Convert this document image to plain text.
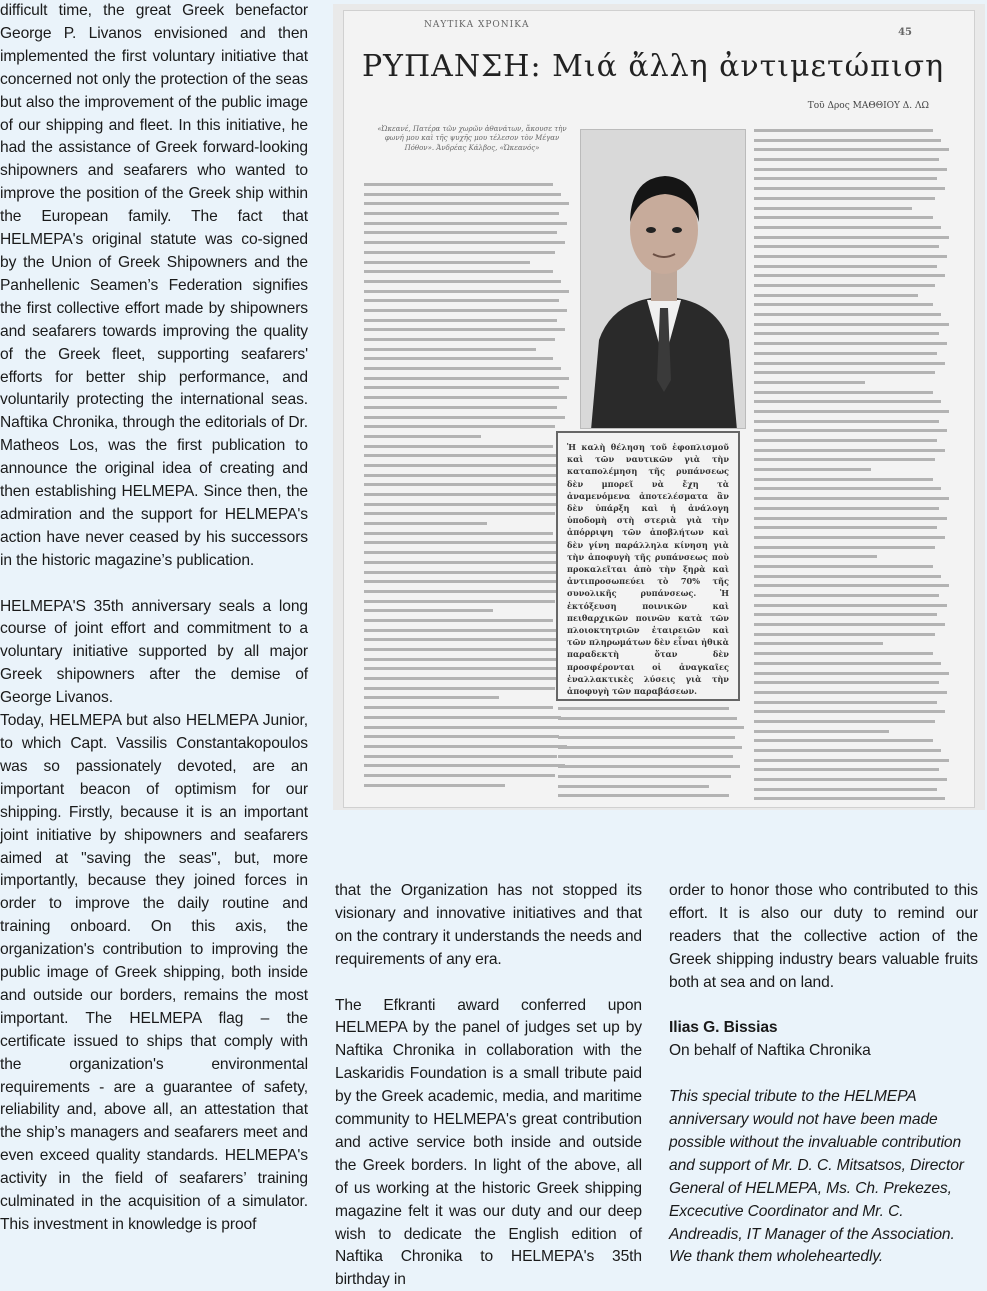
difficult time, the great Greek benefactor George P. Livanos envisioned and then implemented the first voluntary initiative that concerned not only the protection of the seas but also the improvement of the public image of our shipping and fleet. In this initiative, he had the assistance of Greek forward-looking shipowners and seafarers who wanted to improve the position of the Greek ship within the European family. The fact that HELMEPA's original statute was co-signed by the Union of Greek Shipowners and the Panhellenic Seamen’s Federation signifies the first collective effort made by shipowners and seafarers towards improving the quality of the Greek fleet, supporting seafarers' efforts for better ship performance, and voluntarily protecting the international seas. Naftika Chronika, through the editorials of Dr. Matheos Los, was the first publication to announce the original idea of creating and then establishing HELMEPA. Since then, the admiration and the support for HELMEPA's action have never ceased by his successors in the historic magazine’s publication.

HELMEPA'S 35th anniversary seals a long course of joint effort and commitment to a voluntary initiative supported by all major Greek shipowners after the demise of George Livanos.

Today, HELMEPA but also HELMEPA Junior, to which Capt. Vassilis Constantakopoulos was so passionately devoted, are an important beacon of optimism for our shipping. Firstly, because it is an important joint initiative by shipowners and seafarers aimed at "saving the seas", but, more importantly, because they joined forces in order to improve the daily routine and training onboard. On this axis, the organization's contribution to improving the public image of Greek shipping, both inside and outside our borders, remains the most important. The HELMEPA flag – the certificate issued to ships that comply with the organization's environmental requirements - are a guarantee of safety, reliability and, above all, an attestation that the ship’s managers and seafarers meet and even exceed quality standards. HELMEPA's activity in the field of seafarers’ training culminated in the acquisition of a simulator. This investment in knowledge is proof

ΝΑΥΤΙΚΑ ΧΡΟΝΙΚΑ
45
ΡΥΠΑΝΣΗ: Μιά ἄλλη ἀντιμετώπιση
Τοῦ Δρος ΜΑΘΘΙΟΥ Δ. ΛΩ
«Ὠκεανέ, Πατέρα τῶν χωρῶν ἀθανάτων, ἄκουσε τὴν φωνή μου καὶ τῆς ψυχῆς μου τέλεσον τὸν Μέγαν Πόθον». Ἀνδρέας Κάλβος, «Ὠκεανός»
Ἡ καλὴ θέληση τοῦ ἐφοπλισμοῦ καὶ τῶν ναυτικῶν γιὰ τὴν καταπολέμηση τῆς ρυπάνσεως δὲν μπορεῖ νὰ ἔχη τὰ ἀναμενόμενα ἀποτελέσματα ἂν δὲν ὑπάρξη καὶ ἡ ἀνάλογη ὑποδομὴ στὴ στεριὰ γιὰ τὴν ἀπόρριψη τῶν ἀποβλήτων καὶ δὲν γίνη παράλληλα κίνηση γιὰ τὴν ἀποφυγὴ τῆς ρυπάνσεως ποὺ προκαλεῖται ἀπὸ τὴν ξηρὰ καὶ ἀντιπροσωπεύει τὸ 70% τῆς συνολικῆς ρυπάνσεως. Ἡ ἐκτόξευση ποινικῶν καὶ πειθαρχικῶν ποινῶν κατὰ τῶν πλοιοκτητριῶν ἑταιρειῶν καὶ τῶν πληρωμάτων δὲν εἶναι ἠθικὰ παραδεκτὴ ὅταν δὲν προσφέρονται οἱ ἀναγκαῖες ἐναλλακτικὲς λύσεις γιὰ τὴν ἀποφυγὴ τῶν παραβάσεων.

that the Organization has not stopped its visionary and innovative initiatives and that on the contrary it understands the needs and requirements of any era.

The Efkranti award conferred upon HELMEPA by the panel of judges set up by Naftika Chronika in collaboration with the Laskaridis Foundation is a small tribute paid by the Greek academic, media, and maritime community to HELMEPA's great contribution and active service both inside and outside the Greek borders. In light of the above, all of us working at the historic Greek shipping magazine felt it was our duty and our deep wish to dedicate the English edition of Naftika Chronika to HELMEPA's 35th birthday in

order to honor those who contributed to this effort. It is also our duty to remind our readers that the collective action of the Greek shipping industry bears valuable fruits both at sea and on land.

Ilias G. Bissias

On behalf of Naftika Chronika

This special tribute to the HELMEPA anniversary would not have been made possible without the invaluable contribution and support of Mr. D. C. Mitsatsos, Director General of HELMEPA, Ms. Ch. Prekezes, Excecutive Coordinator and Mr. C. Andreadis, IT Manager of the Association. We thank them wholeheartedly.
